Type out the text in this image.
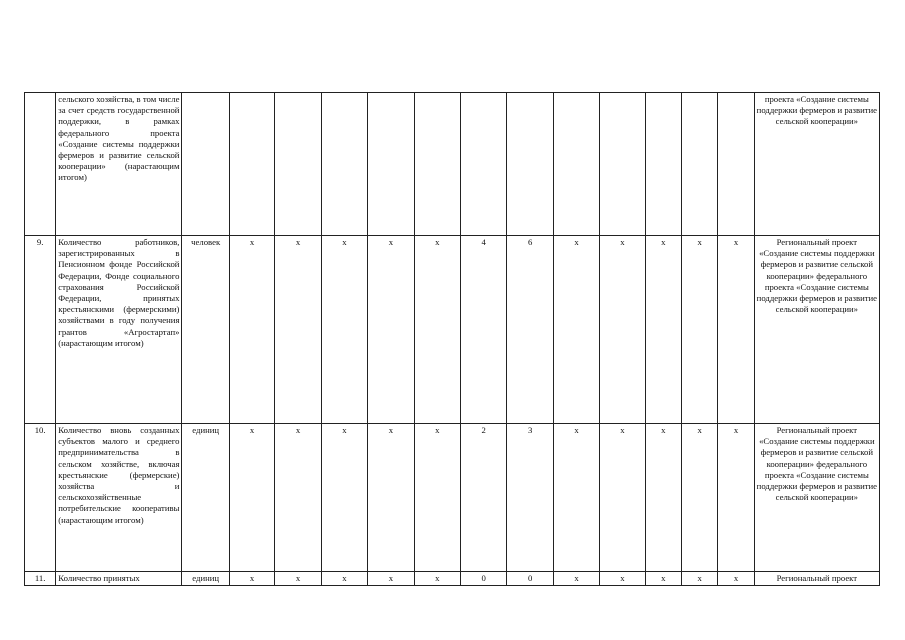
	сельского хозяйства, в том числе за счет средств государственной поддержки, в рамках федерального проекта «Создание системы поддержки фермеров и развитие сельской кооперации» (нарастающим итогом)														проекта «Создание системы поддержки фермеров и развитие сельской кооперации»
9.	Количество работников, зарегистрированных в Пенсионном фонде Российской Федерации, Фонде социального страхования Российской Федерации, принятых крестьянскими (фермерскими) хозяйствами в году получения грантов «Агростартап» (нарастающим итогом)	человек	х	х	х	х	х	4	6	х	х	х	х	х	Региональный проект «Создание системы поддержки фермеров и развитие сельской кооперации» федерального проекта «Создание системы поддержки фермеров и развитие сельской кооперации»
10.	Количество вновь созданных субъектов малого и среднего предпринимательства в сельском хозяйстве, включая крестьянские (фермерские) хозяйства и сельскохозяйственные потребительские кооперативы (нарастающим итогом)	единиц	х	х	х	х	х	2	3	х	х	х	х	х	Региональный проект «Создание системы поддержки фермеров и развитие сельской кооперации» федерального проекта «Создание системы поддержки фермеров и развитие сельской кооперации»
11.	Количество принятых	единиц	х	х	х	х	х	0	0	х	х	х	х	х	Региональный проект
